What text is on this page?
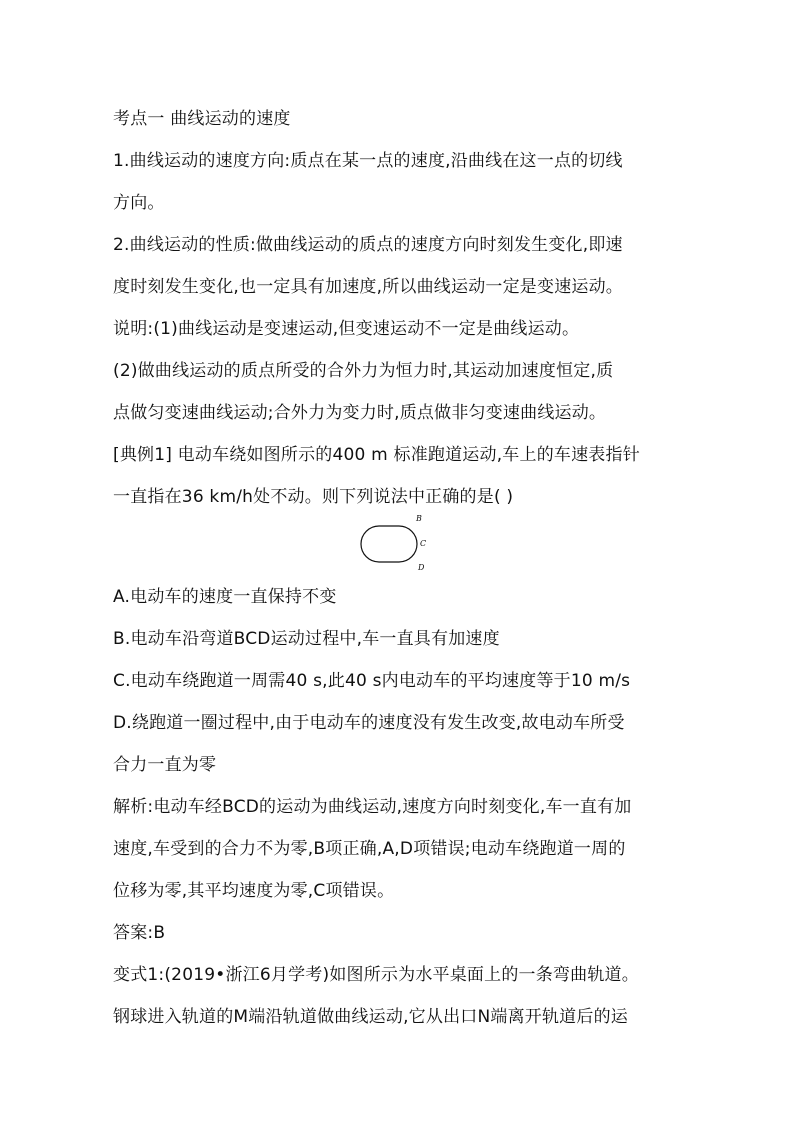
考点一 曲线运动的速度
1.曲线运动的速度方向:质点在某一点的速度,沿曲线在这一点的切线
方向。
2.曲线运动的性质:做曲线运动的质点的速度方向时刻发生变化,即速
度时刻发生变化,也一定具有加速度,所以曲线运动一定是变速运动。
说明:(1)曲线运动是变速运动,但变速运动不一定是曲线运动。
(2)做曲线运动的质点所受的合外力为恒力时,其运动加速度恒定,质
点做匀变速曲线运动;合外力为变力时,质点做非匀变速曲线运动。
[典例1] 电动车绕如图所示的400 m 标准跑道运动,车上的车速表指针
一直指在36 km/h处不动。则下列说法中正确的是( )
B
C
D
A.电动车的速度一直保持不变
B.电动车沿弯道BCD运动过程中,车一直具有加速度
C.电动车绕跑道一周需40 s,此40 s内电动车的平均速度等于10 m/s
D.绕跑道一圈过程中,由于电动车的速度没有发生改变,故电动车所受
合力一直为零
解析:电动车经BCD的运动为曲线运动,速度方向时刻变化,车一直有加
速度,车受到的合力不为零,B项正确,A,D项错误;电动车绕跑道一周的
位移为零,其平均速度为零,C项错误。
答案:B
变式1:(2019•浙江6月学考)如图所示为水平桌面上的一条弯曲轨道。
钢球进入轨道的M端沿轨道做曲线运动,它从出口N端离开轨道后的运
